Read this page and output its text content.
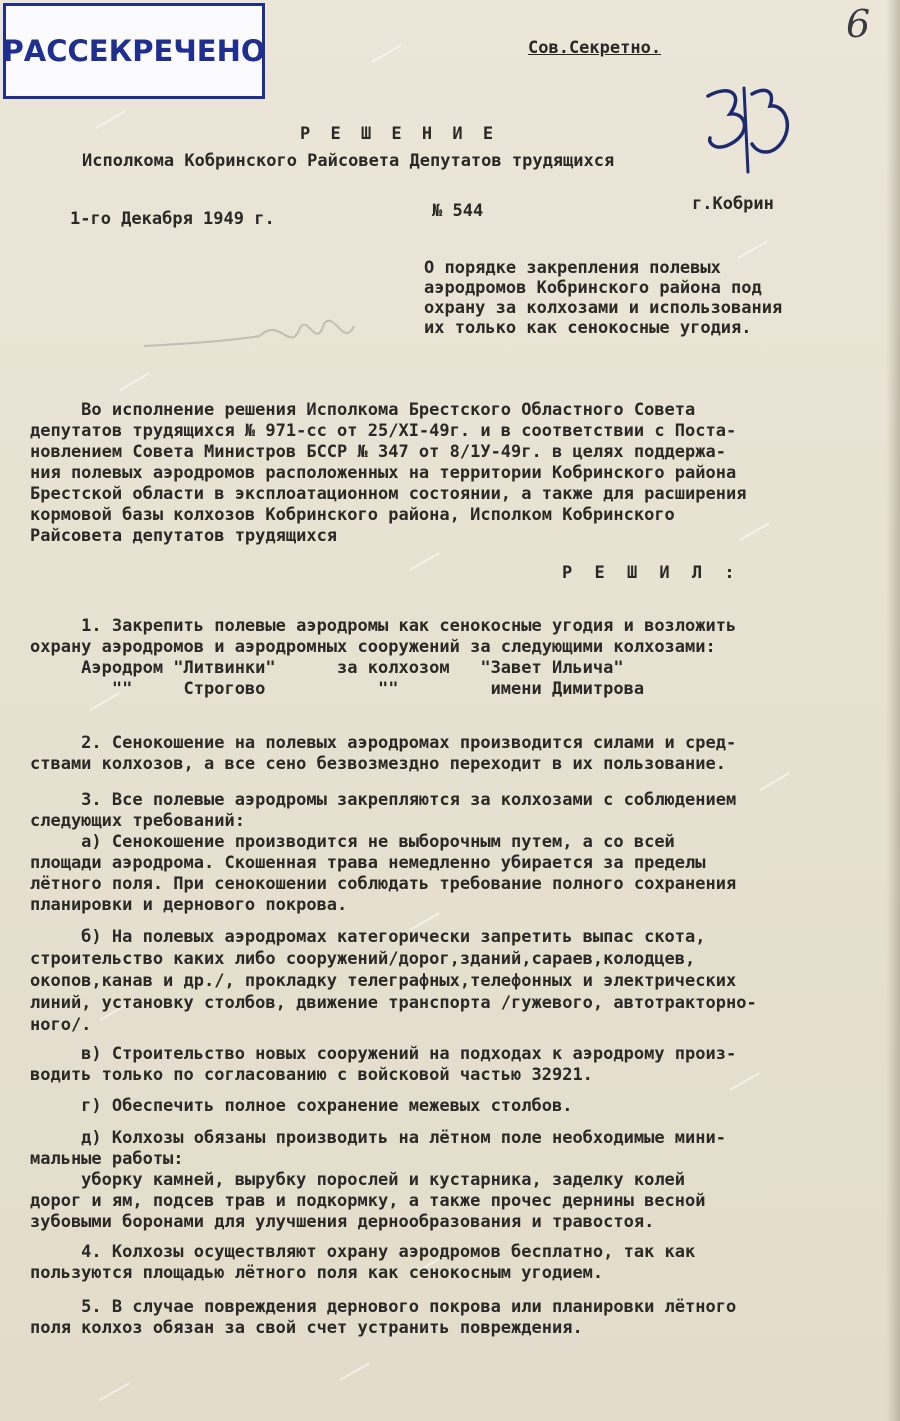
РАССЕКРЕЧЕНО
6
Сов.Секретно.
Р Е Ш Е Н И Е
Исполкома Кобринского Райсовета Депутатов трудящихся
1-го Декабря 1949 г.	№ 544	г.Кобрин
О порядке закрепления полевых
аэродромов Кобринского района под
охрану за колхозами и использования
их только как сенокосные угодия.
Во исполнение решения Исполкома Брестского Областного Совета
депутатов трудящихся № 971-сс от 25/ХI-49г. и в соответствии с Поста-
новлением Совета Министров БССР № 347 от 8/1У-49г. в целях поддержа-
ния полевых аэродромов расположенных на территории Кобринского района
Брестской области в эксплоатационном состоянии, а также для расширения
кормовой базы колхозов Кобринского района, Исполком Кобринского
Райсовета депутатов трудящихся
Р Е Ш И Л :
1. Закрепить полевые аэродромы как сенокосные угодия и возложить
охрану аэродромов и аэродромных сооружений за следующими колхозами:
Аэродром "Литвинки"      за колхозом   "Завет Ильича"
""     Строгово           ""         имени Димитрова
2. Сенокошение на полевых аэродромах производится силами и сред-
ствами колхозов, а все сено безвозмездно переходит в их пользование.
3. Все полевые аэродромы закрепляются за колхозами с соблюдением
следующих требований:
а) Сенокошение производится не выборочным путем, а со всей
площади аэродрома. Скошенная трава немедленно убирается за пределы
лётного поля. При сенокошении соблюдать требование полного сохранения
планировки и дернового покрова.
б) На полевых аэродромах категорически запретить выпас скота,
строительство каких либо сооружений/дорог,зданий,сараев,колодцев,
окопов,канав и др./, прокладку телеграфных,телефонных и электрических
линий, установку столбов, движение транспорта /гужевого, автотракторно-
ного/.
в) Строительство новых сооружений на подходах к аэродрому произ-
водить только по согласованию с войсковой частью 32921.
г) Обеспечить полное сохранение межевых столбов.
д) Колхозы обязаны производить на лётном поле необходимые мини-
мальные работы:
уборку камней, вырубку порослей и кустарника, заделку колей
дорог и ям, подсев трав и подкормку, а также прочес дернины весной
зубовыми боронами для улучшения дернообразования и травостоя.
4. Колхозы осуществляют охрану аэродромов бесплатно, так как
пользуются площадью лётного поля как сенокосным угодием.
5. В случае повреждения дернового покрова или планировки лётного
поля колхоз обязан за свой счет устранить повреждения.
